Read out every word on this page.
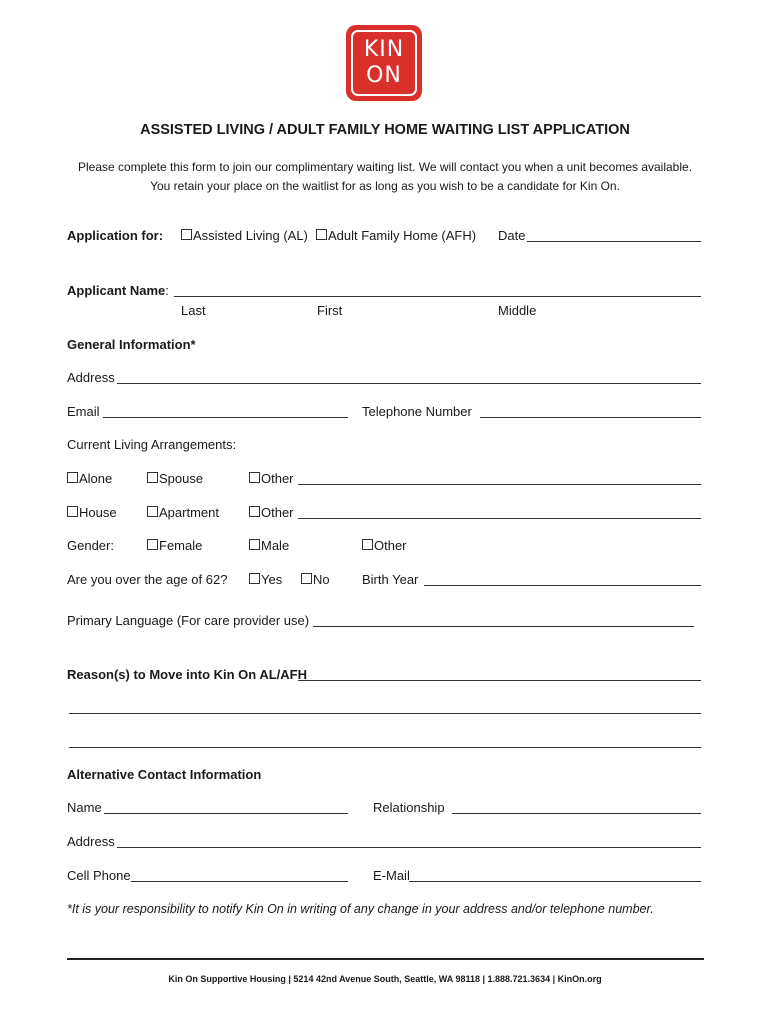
KIN
ON
ASSISTED LIVING / ADULT FAMILY HOME WAITING LIST APPLICATION
Please complete this form to join our complimentary waiting list. We will contact you when a unit becomes available.
You retain your place on the waitlist for as long as you wish to be a candidate for Kin On.
Application for:	Assisted Living (AL)	Adult Family Home (AFH) Date
Applicant Name:
Last	First	Middle
General Information*
Address
Email	Telephone Number
Current Living Arrangements:
Alone	Spouse	Other
House	Apartment	Other
Gender:	Female	Male	Other
Are you over the age of 62?	Yes	No Birth Year
Primary Language (For care provider use)
Reason(s) to Move into Kin On AL/AFH
Alternative Contact Information
Name	Relationship
Address
Cell Phone	E-Mail
*It is your responsibility to notify Kin On in writing of any change in your address and/or telephone number.
Kin On Supportive Housing | 5214 42nd Avenue South, Seattle, WA 98118 | 1.888.721.3634 | KinOn.org
